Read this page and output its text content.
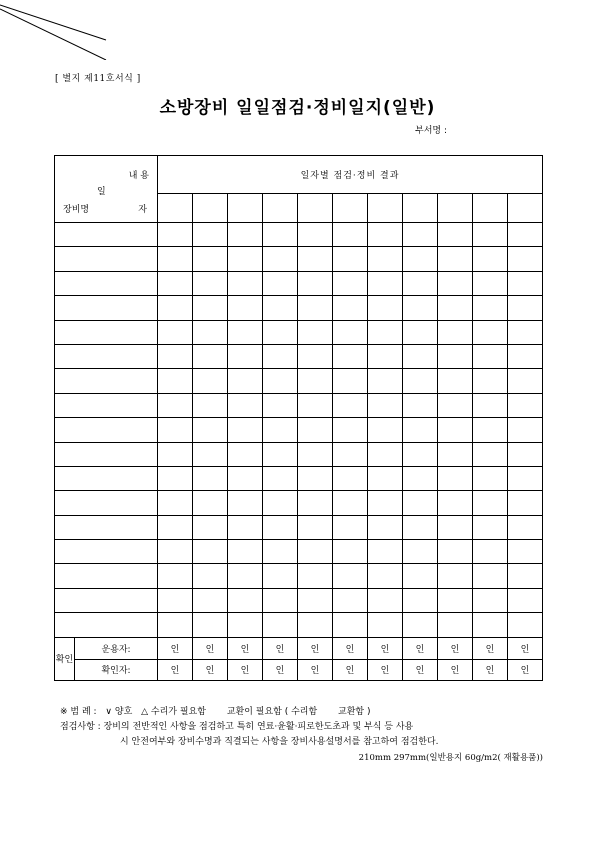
[ 별지 제11호서식 ]
소방장비 일일점검·정비일지(일반)
부서명 :
내 용
일
장비명 자		일자별 점검·정비 결과										

확인	운용자:	인	인	인	인	인	인	인	인	인	인	인
	확인자:	인	인	인	인	인	인	인	인	인	인	인
※ 범 례 : ∨ 양호 △ 수리가 필요함 교환이 필요함 ( 수리함 교환함 )
점검사항 : 장비의 전반적인 사항을 점검하고 특히 연료·윤활·피로한도초과 및 부식 등 사용
시 안전여부와 장비수명과 직결되는 사항을 장비사용설명서를 참고하여 점검한다.
210mm 297mm(일반용지 60g/m2( 재활용품))
